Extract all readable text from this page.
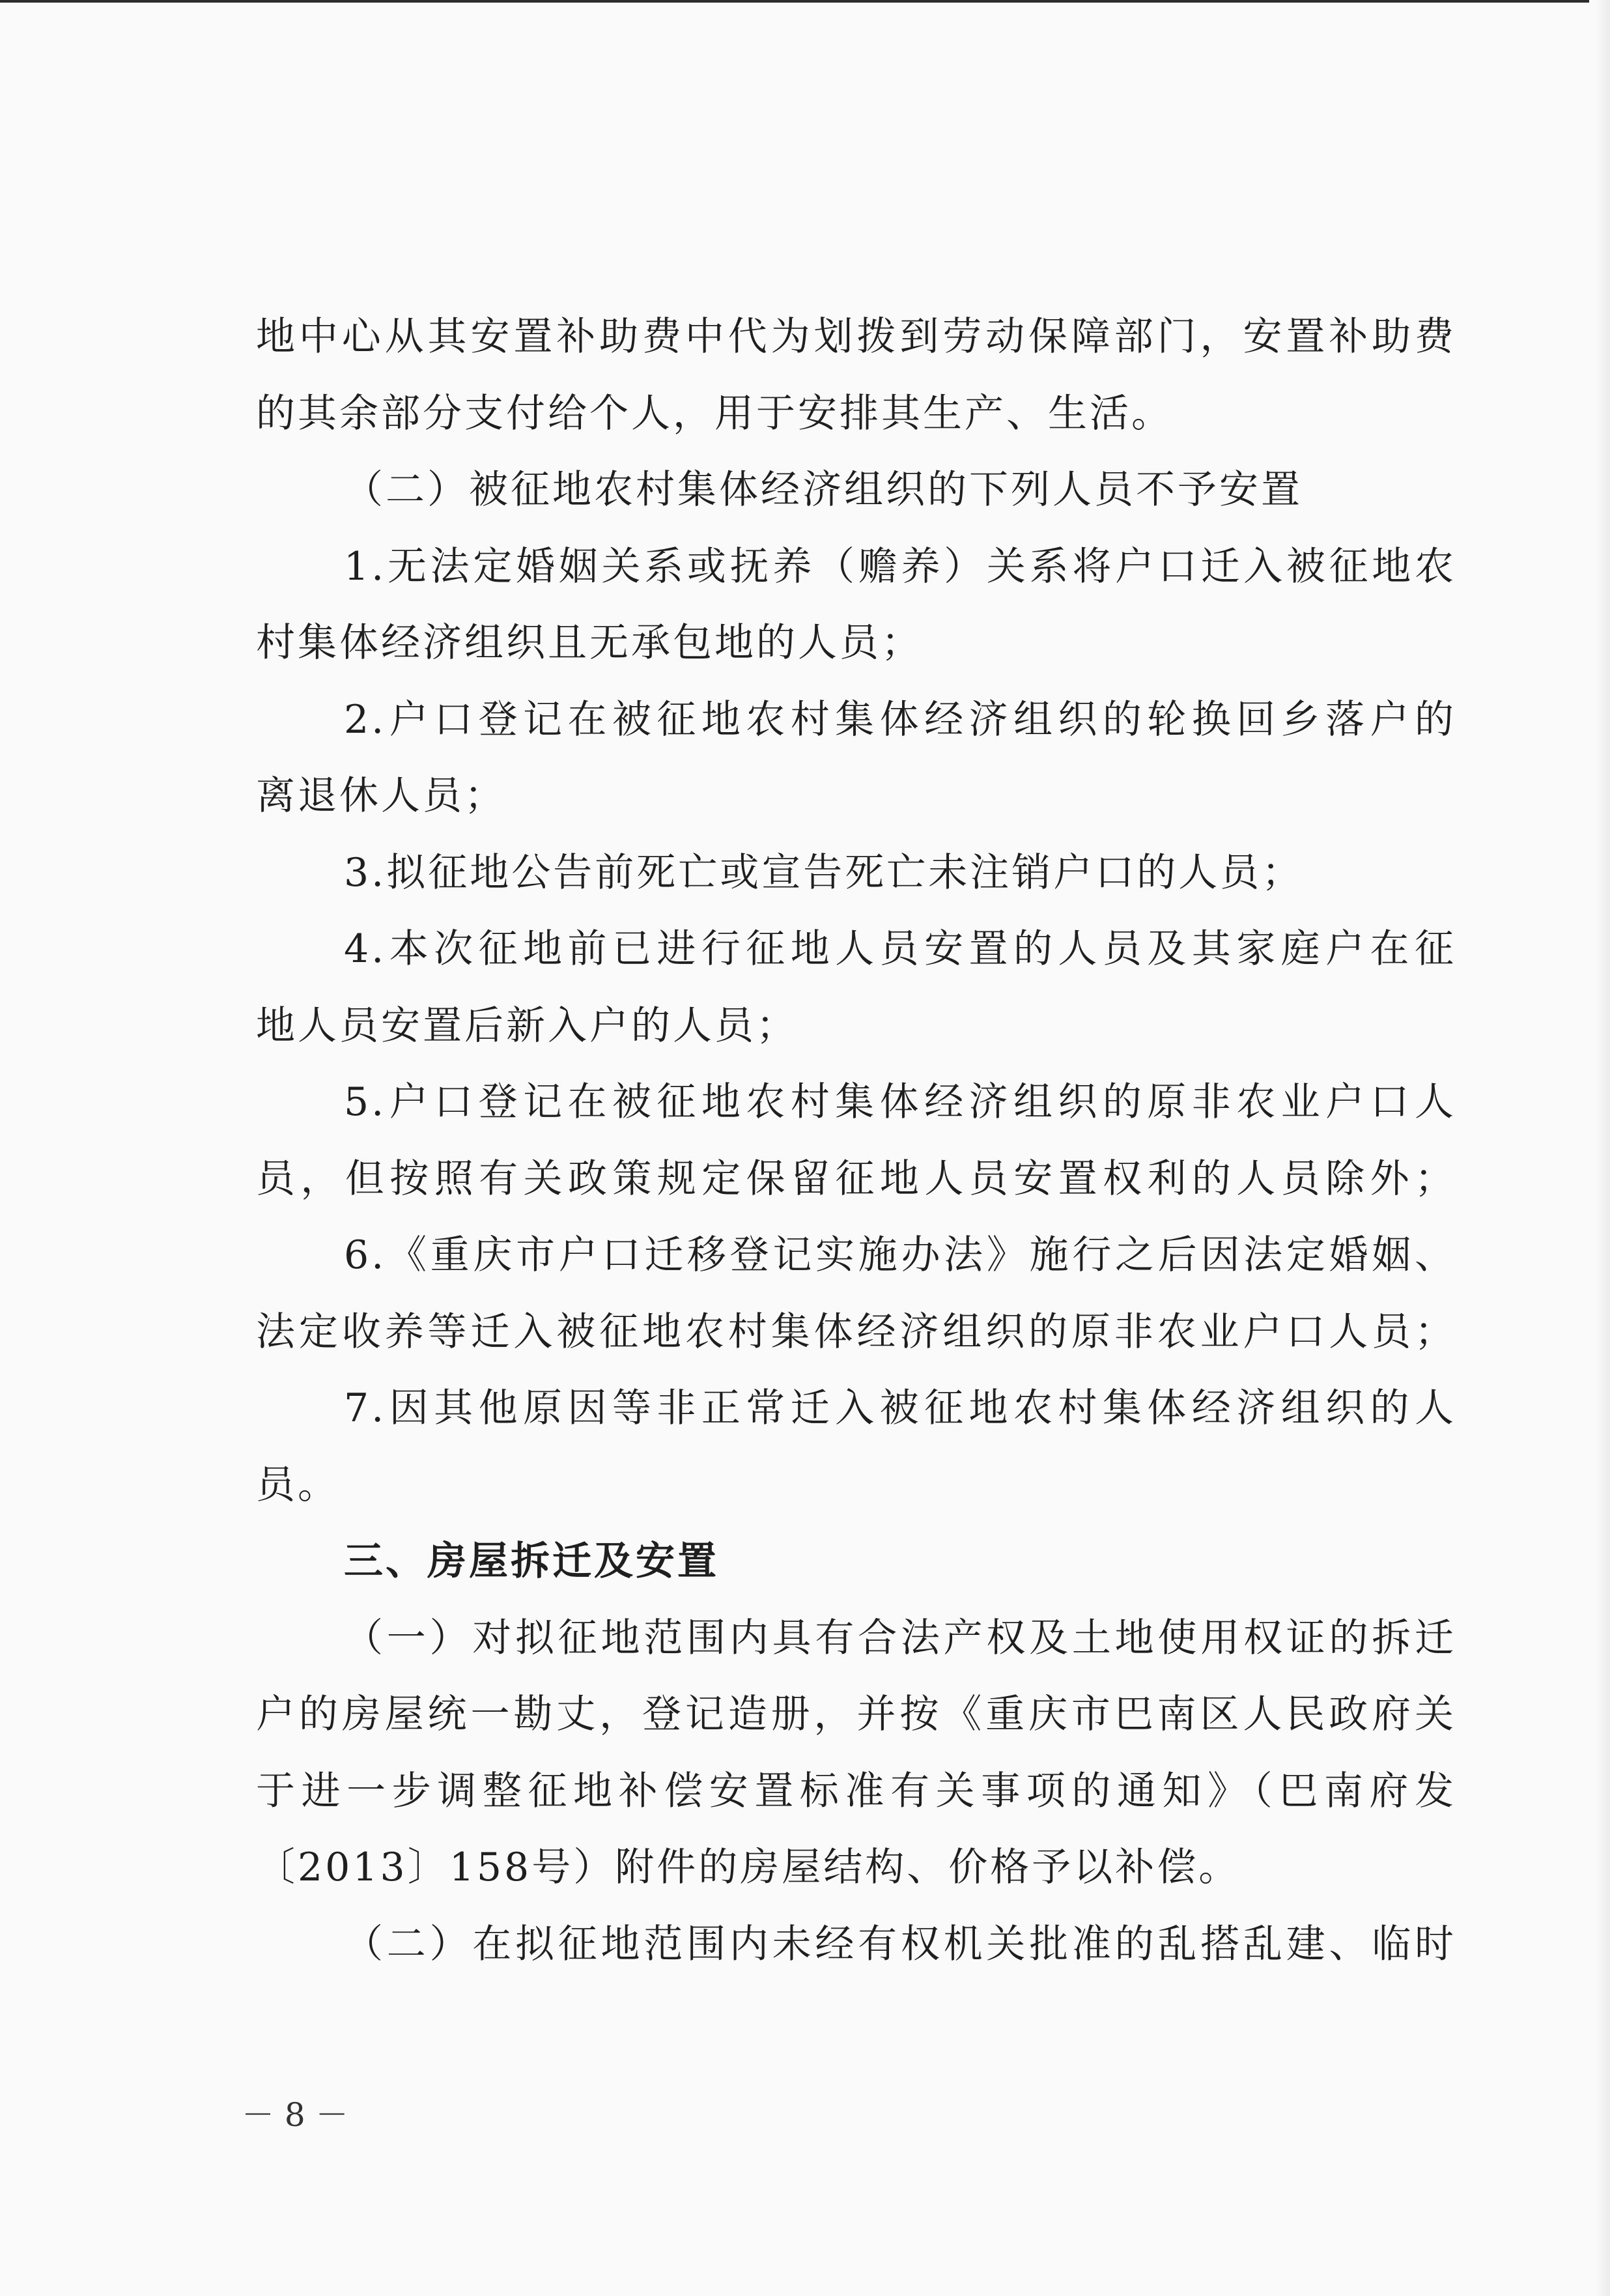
地中心从其安置补助费中代为划拨到劳动保障部门，安置补助费
的其余部分支付给个人，用于安排其生产、生活。
（二）被征地农村集体经济组织的下列人员不予安置
1.无法定婚姻关系或抚养（赡养）关系将户口迁入被征地农
村集体经济组织且无承包地的人员；
2.户口登记在被征地农村集体经济组织的轮换回乡落户的
离退休人员；
3.拟征地公告前死亡或宣告死亡未注销户口的人员；
4.本次征地前已进行征地人员安置的人员及其家庭户在征
地人员安置后新入户的人员；
5.户口登记在被征地农村集体经济组织的原非农业户口人
员，但按照有关政策规定保留征地人员安置权利的人员除外；
6.《重庆市户口迁移登记实施办法》施行之后因法定婚姻、
法定收养等迁入被征地农村集体经济组织的原非农业户口人员；
7.因其他原因等非正常迁入被征地农村集体经济组织的人
员。
三、房屋拆迁及安置
（一）对拟征地范围内具有合法产权及土地使用权证的拆迁
户的房屋统一勘丈，登记造册，并按《重庆市巴南区人民政府关
于进一步调整征地补偿安置标准有关事项的通知》（巴南府发
〔2013〕158号）附件的房屋结构、价格予以补偿。
（二）在拟征地范围内未经有权机关批准的乱搭乱建、临时
－ 8 －
